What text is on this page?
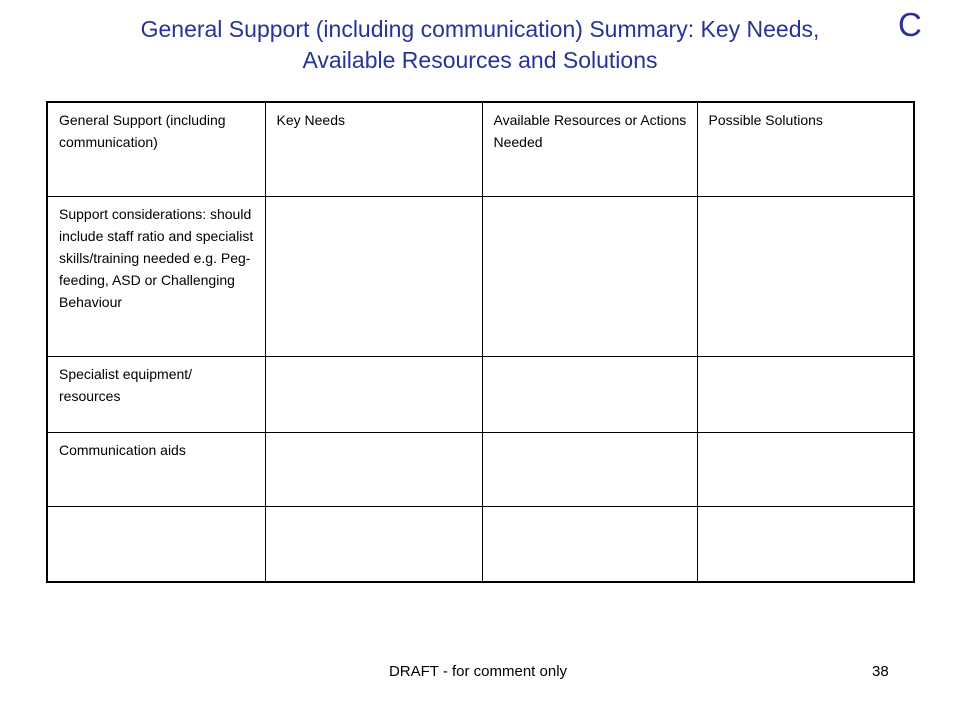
General Support (including communication) Summary: Key Needs,
Available Resources and Solutions
C
General Support (including communication)	Key Needs	Available Resources or Actions Needed	Possible Solutions
Support considerations: should include staff ratio and specialist skills/training needed e.g. Peg-feeding, ASD or Challenging Behaviour			
Specialist equipment/ resources			
Communication aids			

DRAFT - for comment only	38
